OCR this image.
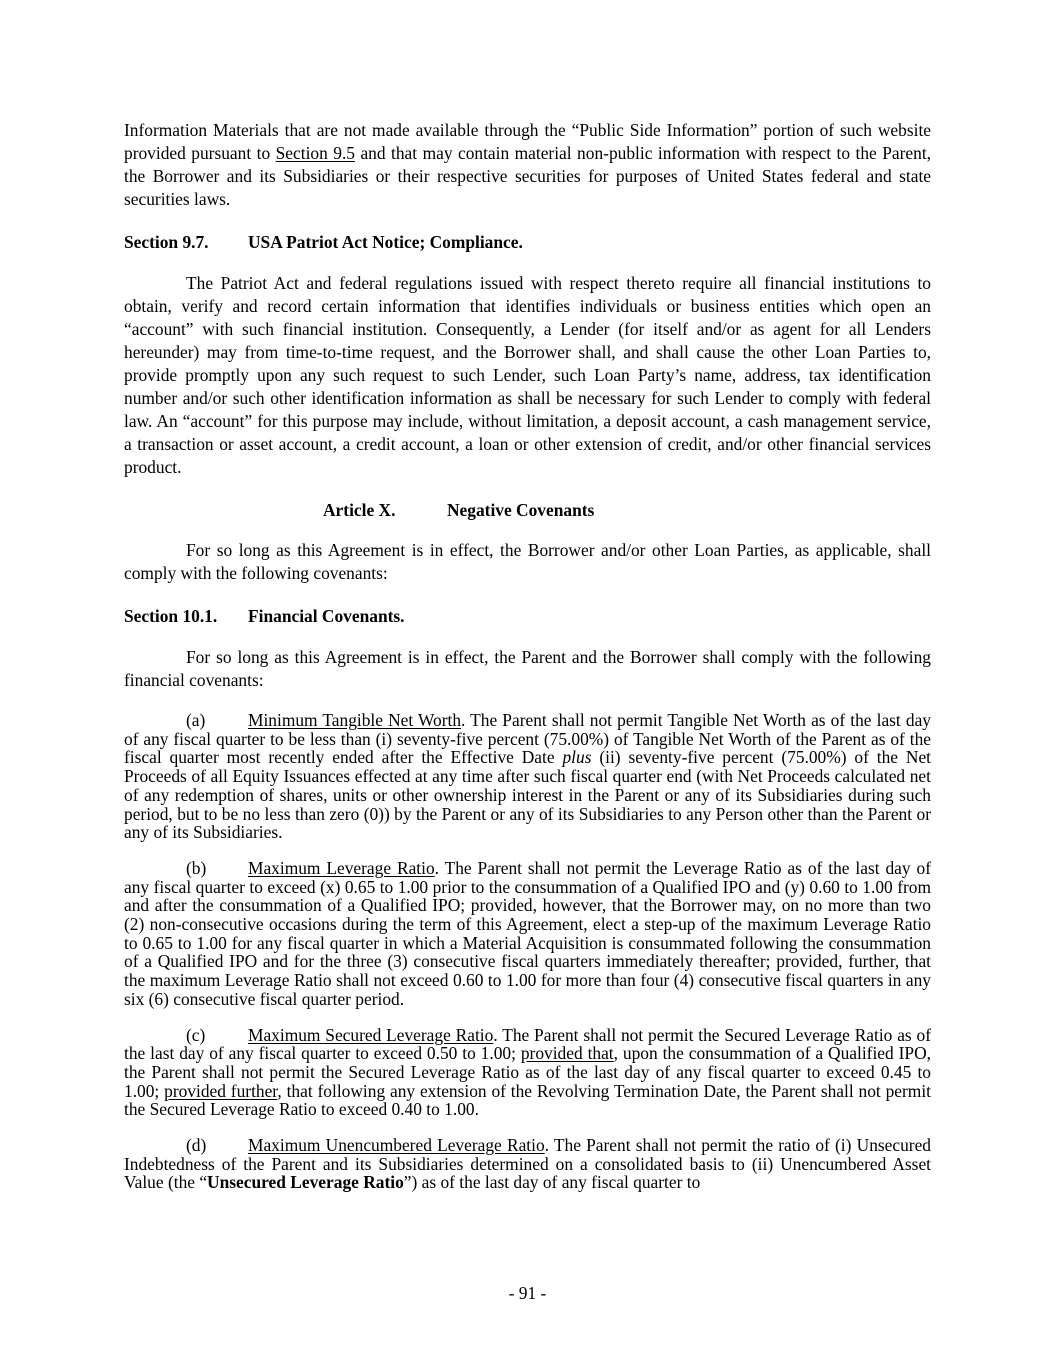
Information Materials that are not made available through the “Public Side Information” portion of such website provided pursuant to Section 9.5 and that may contain material non-public information with respect to the Parent, the Borrower and its Subsidiaries or their respective securities for purposes of United States federal and state securities laws.

Section 9.7. USA Patriot Act Notice; Compliance.

The Patriot Act and federal regulations issued with respect thereto require all financial institutions to obtain, verify and record certain information that identifies individuals or business entities which open an “account” with such financial institution. Consequently, a Lender (for itself and/or as agent for all Lenders hereunder) may from time-to-time request, and the Borrower shall, and shall cause the other Loan Parties to, provide promptly upon any such request to such Lender, such Loan Party’s name, address, tax identification number and/or such other identification information as shall be necessary for such Lender to comply with federal law. An “account” for this purpose may include, without limitation, a deposit account, a cash management service, a transaction or asset account, a credit account, a loan or other extension of credit, and/or other financial services product.

Article X.	Negative Covenants

For so long as this Agreement is in effect, the Borrower and/or other Loan Parties, as applicable, shall comply with the following covenants:

Section 10.1. Financial Covenants.

For so long as this Agreement is in effect, the Parent and the Borrower shall comply with the following financial covenants:

(a) Minimum Tangible Net Worth. The Parent shall not permit Tangible Net Worth as of the last day of any fiscal quarter to be less than (i) seventy-five percent (75.00%) of Tangible Net Worth of the Parent as of the fiscal quarter most recently ended after the Effective Date plus (ii) seventy-five percent (75.00%) of the Net Proceeds of all Equity Issuances effected at any time after such fiscal quarter end (with Net Proceeds calculated net of any redemption of shares, units or other ownership interest in the Parent or any of its Subsidiaries during such period, but to be no less than zero (0)) by the Parent or any of its Subsidiaries to any Person other than the Parent or any of its Subsidiaries.

(b) Maximum Leverage Ratio. The Parent shall not permit the Leverage Ratio as of the last day of any fiscal quarter to exceed (x) 0.65 to 1.00 prior to the consummation of a Qualified IPO and (y) 0.60 to 1.00 from and after the consummation of a Qualified IPO; provided, however, that the Borrower may, on no more than two (2) non-consecutive occasions during the term of this Agreement, elect a step-up of the maximum Leverage Ratio to 0.65 to 1.00 for any fiscal quarter in which a Material Acquisition is consummated following the consummation of a Qualified IPO and for the three (3) consecutive fiscal quarters immediately thereafter; provided, further, that the maximum Leverage Ratio shall not exceed 0.60 to 1.00 for more than four (4) consecutive fiscal quarters in any six (6) consecutive fiscal quarter period.

(c) Maximum Secured Leverage Ratio. The Parent shall not permit the Secured Leverage Ratio as of the last day of any fiscal quarter to exceed 0.50 to 1.00; provided that, upon the consummation of a Qualified IPO, the Parent shall not permit the Secured Leverage Ratio as of the last day of any fiscal quarter to exceed 0.45 to 1.00; provided further, that following any extension of the Revolving Termination Date, the Parent shall not permit the Secured Leverage Ratio to exceed 0.40 to 1.00.

(d) Maximum Unencumbered Leverage Ratio. The Parent shall not permit the ratio of (i) Unsecured Indebtedness of the Parent and its Subsidiaries determined on a consolidated basis to (ii) Unencumbered Asset Value (the “Unsecured Leverage Ratio”) as of the last day of any fiscal quarter to

- 91 -
